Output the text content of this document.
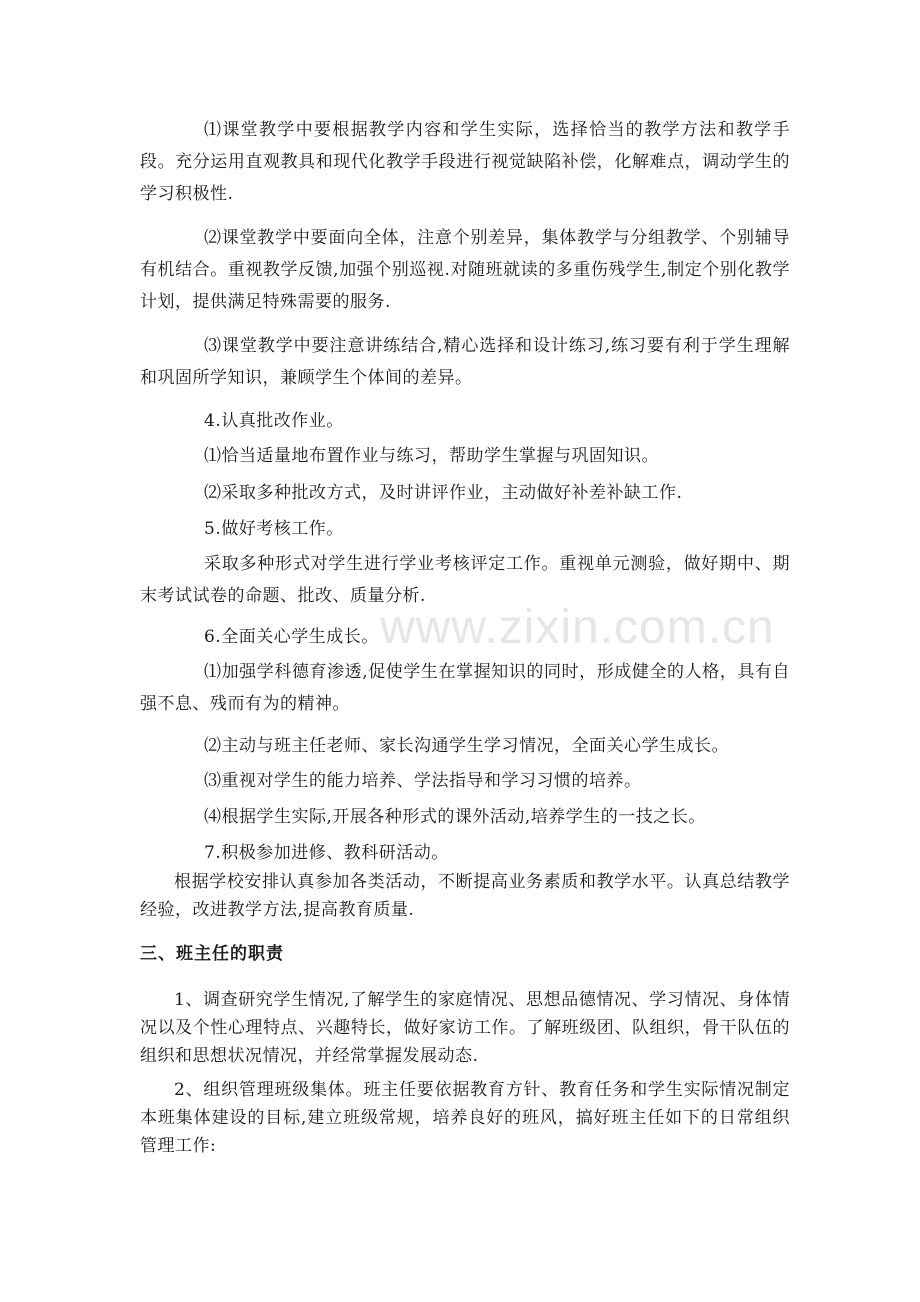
www.zixin.com.cn

⑴课堂教学中要根据教学内容和学生实际，选择恰当的教学方法和教学手段。充分运用直观教具和现代化教学手段进行视觉缺陷补偿，化解难点，调动学生的学习积极性.

⑵课堂教学中要面向全体，注意个别差异，集体教学与分组教学、个别辅导有机结合。重视教学反馈,加强个别巡视.对随班就读的多重伤残学生,制定个别化教学计划，提供满足特殊需要的服务.

⑶课堂教学中要注意讲练结合,精心选择和设计练习,练习要有利于学生理解和巩固所学知识，兼顾学生个体间的差异。

4.认真批改作业。

⑴恰当适量地布置作业与练习，帮助学生掌握与巩固知识。

⑵采取多种批改方式，及时讲评作业，主动做好补差补缺工作.

5.做好考核工作。

采取多种形式对学生进行学业考核评定工作。重视单元测验，做好期中、期末考试试卷的命题、批改、质量分析.

6.全面关心学生成长。

⑴加强学科德育渗透,促使学生在掌握知识的同时，形成健全的人格，具有自强不息、残而有为的精神。

⑵主动与班主任老师、家长沟通学生学习情况，全面关心学生成长。

⑶重视对学生的能力培养、学法指导和学习习惯的培养。

⑷根据学生实际,开展各种形式的课外活动,培养学生的一技之长。

7.积极参加进修、教科研活动。

根据学校安排认真参加各类活动，不断提高业务素质和教学水平。认真总结教学经验，改进教学方法,提高教育质量.

三、班主任的职责

1、调查研究学生情况,了解学生的家庭情况、思想品德情况、学习情况、身体情况以及个性心理特点、兴趣特长，做好家访工作。了解班级团、队组织，骨干队伍的组织和思想状况情况，并经常掌握发展动态.

2、组织管理班级集体。班主任要依据教育方针、教育任务和学生实际情况制定本班集体建设的目标,建立班级常规，培养良好的班风，搞好班主任如下的日常组织管理工作:
